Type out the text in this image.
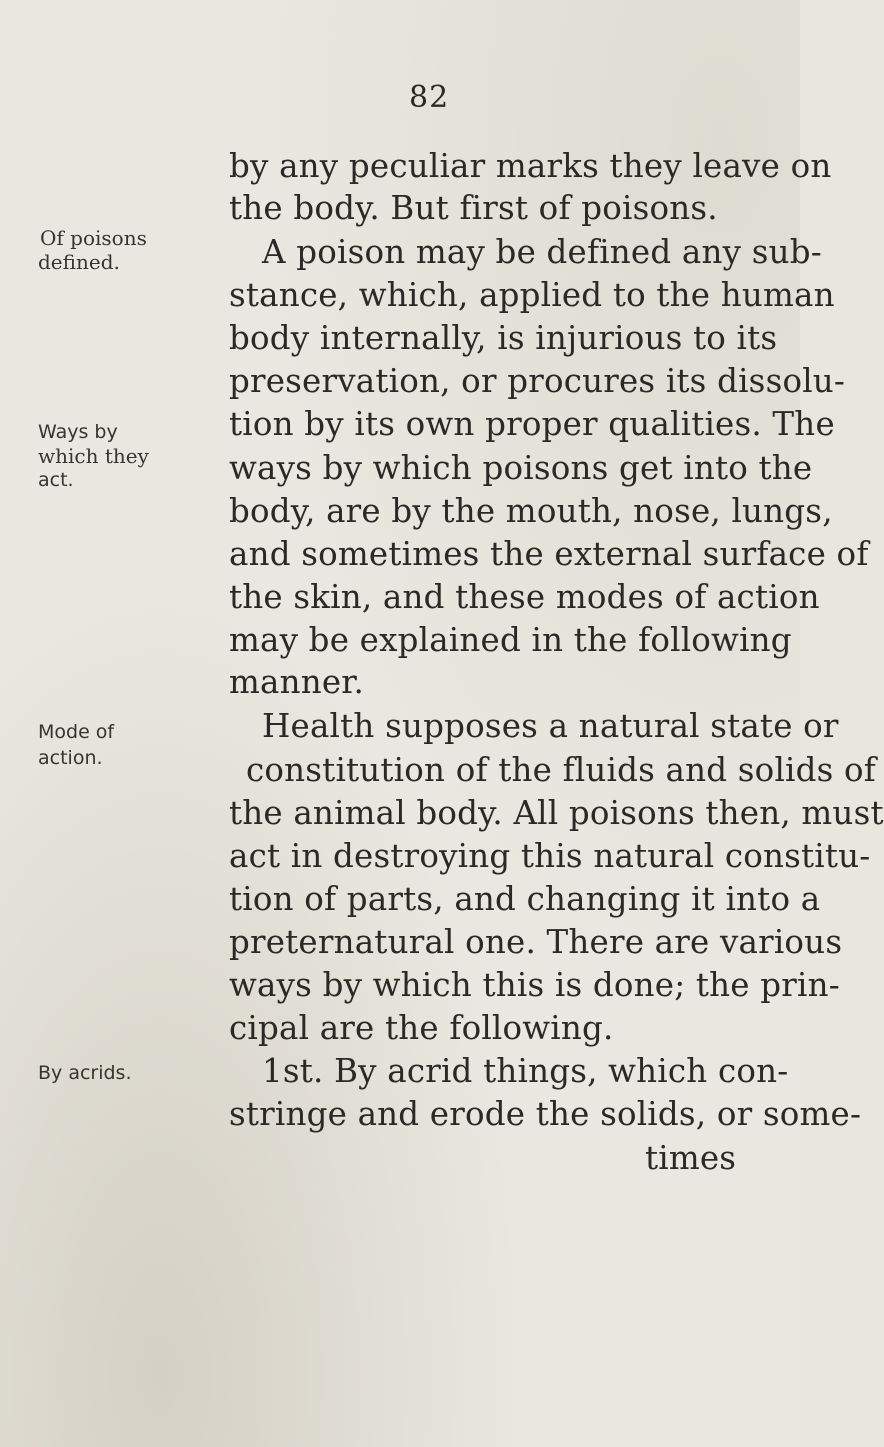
82
by any peculiar marks they leave on
the body. But first of poisons.
A poison may be defined any sub-
stance, which, applied to the human
body internally, is injurious to its
preservation, or procures its dissolu-
tion by its own proper qualities. The
ways by which poisons get into the
body, are by the mouth, nose, lungs,
and sometimes the external surface of
the skin, and these modes of action
may be explained in the following
manner.
Health supposes a natural state or
constitution of the fluids and solids of
the animal body. All poisons then, must
act in destroying this natural constitu-
tion of parts, and changing it into a
preternatural one. There are various
ways by which this is done; the prin-
cipal are the following.
1st. By acrid things, which con-
stringe and erode the solids, or some-
times
Of poisons
defined.
Ways by
which they
act.
Mode of
action.
By acrids.
